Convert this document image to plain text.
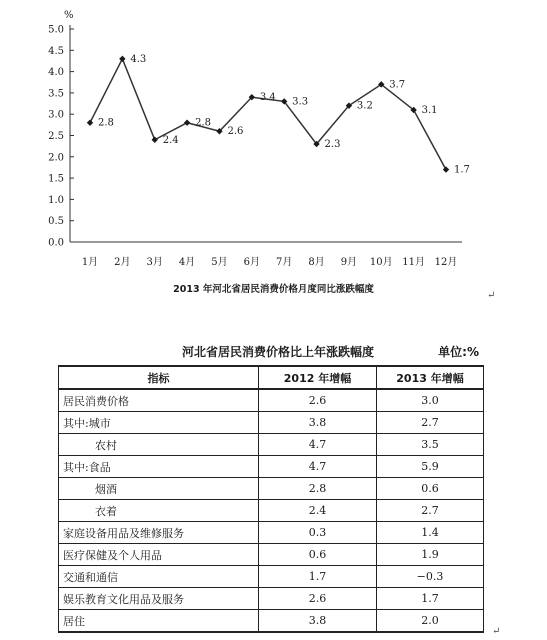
%
0.0
0.5
1.0
1.5
2.0
2.5
3.0
3.5
4.0
4.5
5.0
1月 2月 3月 4月 5月 6月 7月 8月 9月 10月 11月 12月
2.8
4.3
2.4
2.8
2.6
3.4 3.3
2.3
3.2
3.7
3.1
1.7
2013 年河北省居民消费价格月度同比涨跌幅度
↵
河北省居民消费价格比上年涨跌幅度	单位:%
指标	2012 年增幅	2013 年增幅
居民消费价格	2.6	3.0
其中:城市	3.8	2.7
农村	4.7	3.5
其中:食品	4.7	5.9
烟酒	2.8	0.6
衣着	2.4	2.7
家庭设备用品及维修服务	0.3	1.4
医疗保健及个人用品	0.6	1.9
交通和通信	1.7	−0.3
娱乐教育文化用品及服务	2.6	1.7
居住	3.8	2.0
↵
